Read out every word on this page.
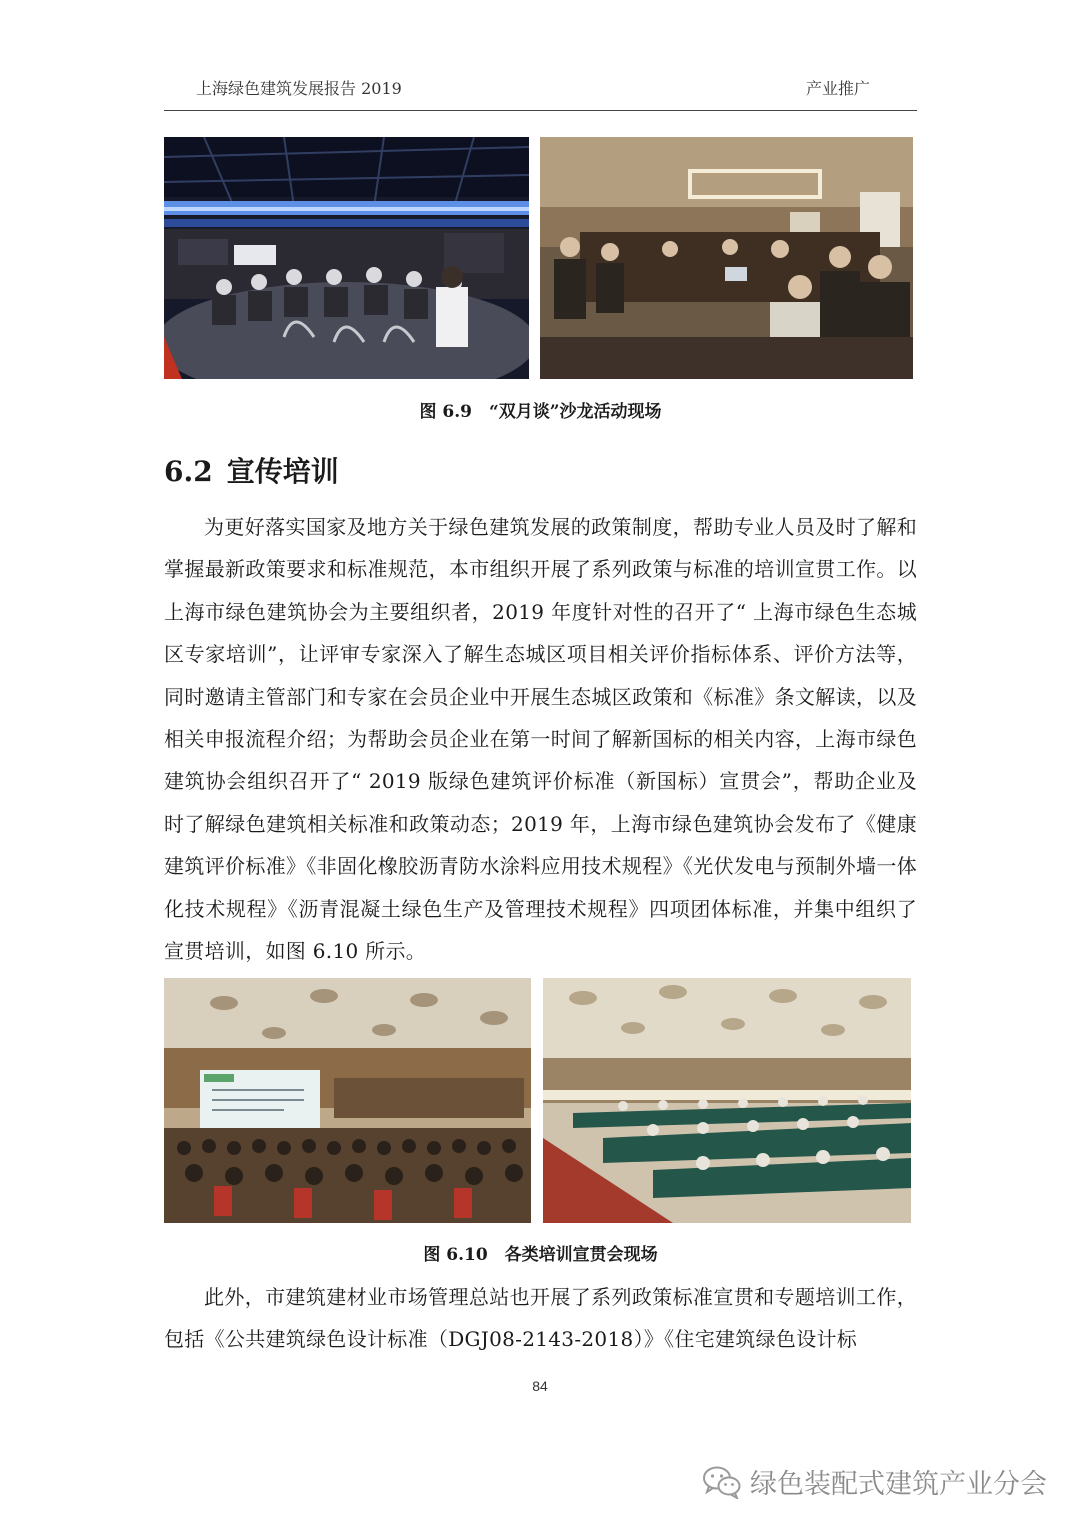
上海绿色建筑发展报告 2019	产业推广
图 6.9　“双月谈”沙龙活动现场
6.2 宣传培训

为更好落实国家及地方关于绿色建筑发展的政策制度，帮助专业人员及时了解和掌握最新政策要求和标准规范，本市组织开展了系列政策与标准的培训宣贯工作。以上海市绿色建筑协会为主要组织者，2019 年度针对性的召开了“ 上海市绿色生态城区专家培训”，让评审专家深入了解生态城区项目相关评价指标体系、评价方法等，同时邀请主管部门和专家在会员企业中开展生态城区政策和《标准》条文解读，以及相关申报流程介绍；为帮助会员企业在第一时间了解新国标的相关内容，上海市绿色建筑协会组织召开了“ 2019 版绿色建筑评价标准（新国标）宣贯会”，帮助企业及时了解绿色建筑相关标准和政策动态；2019 年，上海市绿色建筑协会发布了《健康建筑评价标准》《非固化橡胶沥青防水涂料应用技术规程》《光伏发电与预制外墙一体化技术规程》《沥青混凝土绿色生产及管理技术规程》四项团体标准，并集中组织了宣贯培训，如图 6.10 所示。

图 6.10　各类培训宣贯会现场

此外，市建筑建材业市场管理总站也开展了系列政策标准宣贯和专题培训工作，包括《公共建筑绿色设计标准（DGJ08-2143-2018）》《住宅建筑绿色设计标

84
绿色装配式建筑产业分会
